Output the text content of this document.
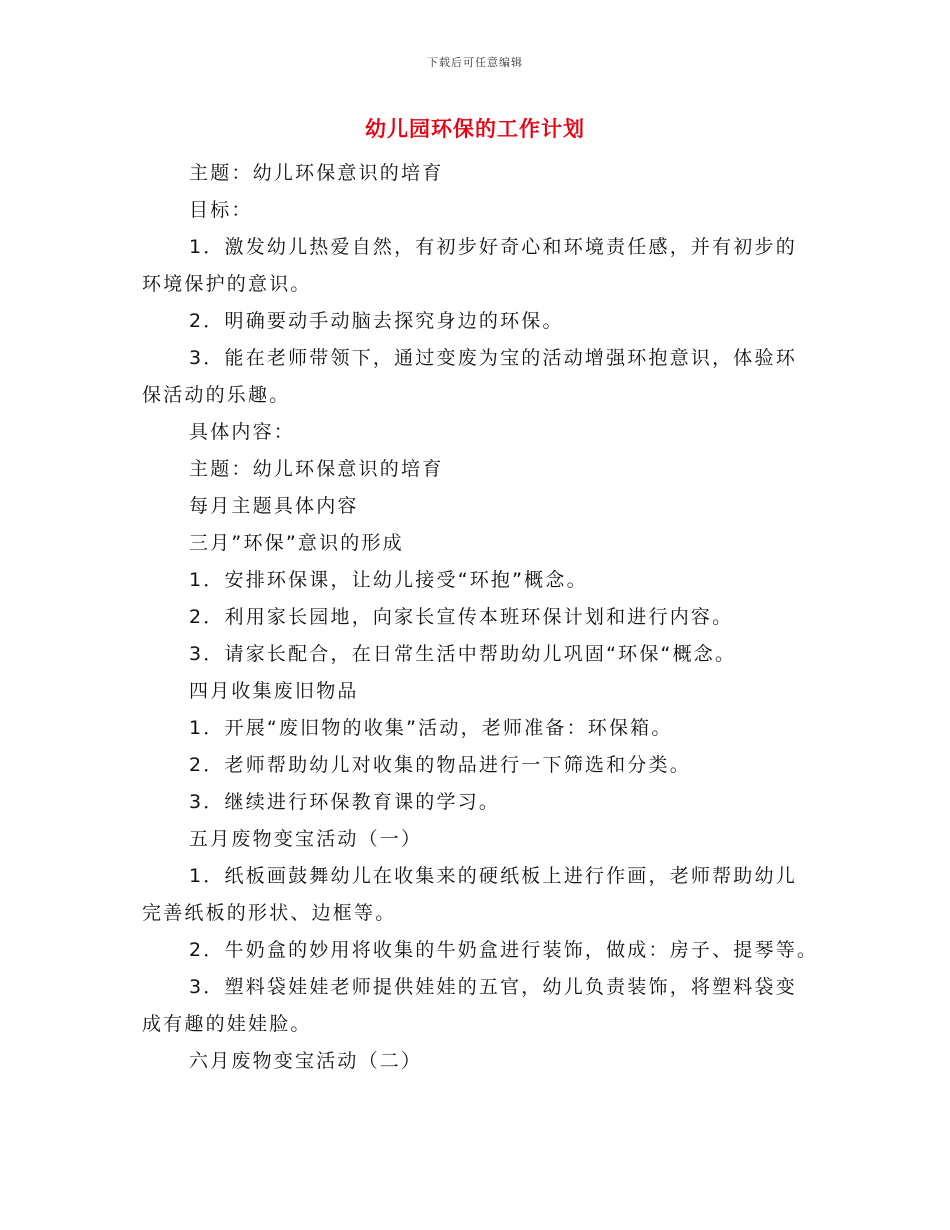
下载后可任意编辑
幼儿园环保的工作计划

主题：幼儿环保意识的培育

目标：

1．激发幼儿热爱自然，有初步好奇心和环境责任感，并有初步的
环境保护的意识。

2．明确要动手动脑去探究身边的环保。

3．能在老师带领下，通过变废为宝的活动增强环抱意识，体验环
保活动的乐趣。

具体内容：

主题：幼儿环保意识的培育

每月主题具体内容

三月”环保”意识的形成

1．安排环保课，让幼儿接受“环抱”概念。

2．利用家长园地，向家长宣传本班环保计划和进行内容。

3．请家长配合，在日常生活中帮助幼儿巩固“环保“概念。

四月收集废旧物品

1．开展“废旧物的收集”活动，老师准备：环保箱。

2．老师帮助幼儿对收集的物品进行一下筛选和分类。

3．继续进行环保教育课的学习。

五月废物变宝活动（一）

1．纸板画鼓舞幼儿在收集来的硬纸板上进行作画，老师帮助幼儿
完善纸板的形状、边框等。

2．牛奶盒的妙用将收集的牛奶盒进行装饰，做成：房子、提琴等。

3．塑料袋娃娃老师提供娃娃的五官，幼儿负责装饰，将塑料袋变
成有趣的娃娃脸。

六月废物变宝活动（二）
